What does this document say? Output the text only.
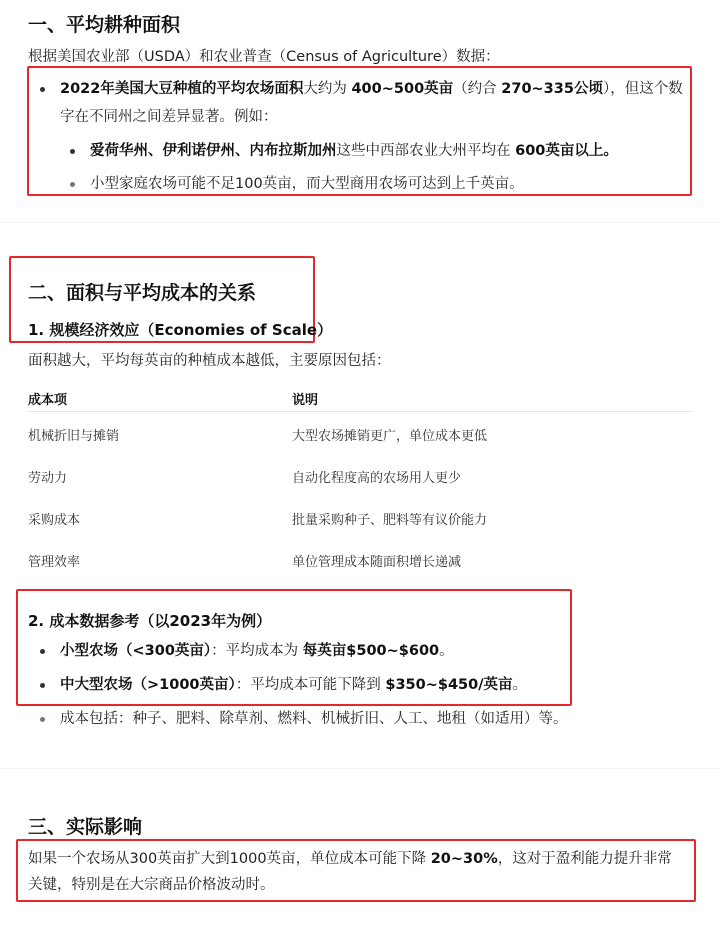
一、平均耕种面积
根据美国农业部（USDA）和农业普查（Census of Agriculture）数据：
2022年美国大豆种植的平均农场面积大约为 400~500英亩（约合 270~335公顷），但这个数
字在不同州之间差异显著。例如：
爱荷华州、伊利诺伊州、内布拉斯加州这些中西部农业大州平均在 600英亩以上。
小型家庭农场可能不足100英亩，而大型商用农场可达到上千英亩。
二、面积与平均成本的关系
1. 规模经济效应（Economies of Scale）
面积越大，平均每英亩的种植成本越低，主要原因包括：
成本项	说明
机械折旧与摊销	大型农场摊销更广，单位成本更低
劳动力	自动化程度高的农场用人更少
采购成本	批量采购种子、肥料等有议价能力
管理效率	单位管理成本随面积增长递减
2. 成本数据参考（以2023年为例）
小型农场（<300英亩）：平均成本为 每英亩$500~$600。
中大型农场（>1000英亩）：平均成本可能下降到 $350~$450/英亩。
成本包括：种子、肥料、除草剂、燃料、机械折旧、人工、地租（如适用）等。
三、实际影响
如果一个农场从300英亩扩大到1000英亩，单位成本可能下降 20~30%，这对于盈利能力提升非常
关键，特别是在大宗商品价格波动时。
